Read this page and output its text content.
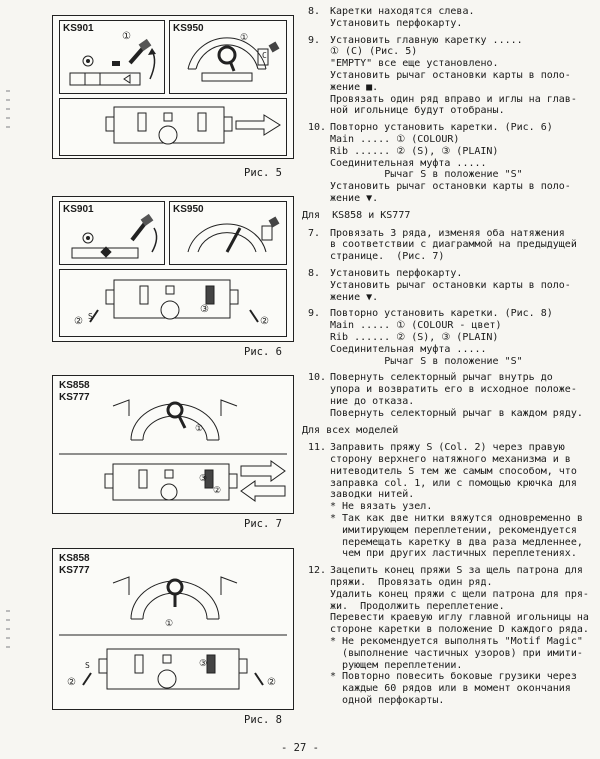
KS901
①
KS950
①
C
Рис. 5
KS901	KS950
② S
③
②
Рис. 6
KS858
KS777
①
③
②
Рис. 7
KS858
KS777
①
②
S	③
②
Рис. 8
8. Каретки находятся слева.
Установить перфокарту.
9. Установить главную каретку .....
① (C) (Рис. 5)
"EMPTY" все еще установлено.
Установить рычаг остановки карты в поло-
жение ■.
Провязать один ряд вправо и иглы на глав-
ной игольнице будут отобраны.
10. Повторно установить каретки. (Рис. 6)
Main ..... ① (COLOUR)
Rib ...... ② (S), ③ (PLAIN)
Соединительная муфта .....
Рычаг S в положение "S"
Установить рычаг остановки карты в поло-
жение ▼.
Для  KS858 и KS777
7. Провязать 3 ряда, изменяя оба натяжения
в соответствии с диаграммой на предыдущей
странице.  (Рис. 7)
8. Установить перфокарту.
Установить рычаг остановки карты в поло-
жение ▼.
9. Повторно установить каретки. (Рис. 8)
Main ..... ① (COLOUR - цвет)
Rib ...... ② (S), ③ (PLAIN)
Соединительная муфта .....
Рычаг S в положение "S"
10. Повернуть селекторный рычаг внутрь до
упора и возвратить его в исходное положе-
ние до отказа.
Повернуть селекторный рычаг в каждом ряду.
Для всех моделей
11. Заправить пряжу S (Col. 2) через правую
сторону верхнего натяжного механизма и в
нитеводитель S тем же самым способом, что
заправка col. 1, или с помощью крючка для
заводки нитей.
* Не вязать узел.
* Так как две нитки вяжутся одновременно в
имитирующем переплетении, рекомендуется
перемещать каретку в два раза медленнее,
чем при других ластичных переплетениях.
12. Зацепить конец пряжи S за щель патрона для
пряжи.  Провязать один ряд.
Удалить конец пряжи с щели патрона для пря-
жи.  Продолжить переплетение.
Перевести краевую иглу главной игольницы на
стороне каретки в положение D каждого ряда.
* Не рекомендуется выполнять "Motif Magic"
(выполнение частичных узоров) при имити-
рующем переплетении.
* Повторно повесить боковые грузики через
каждые 60 рядов или в момент окончания
одной перфокарты.
- 27 -
